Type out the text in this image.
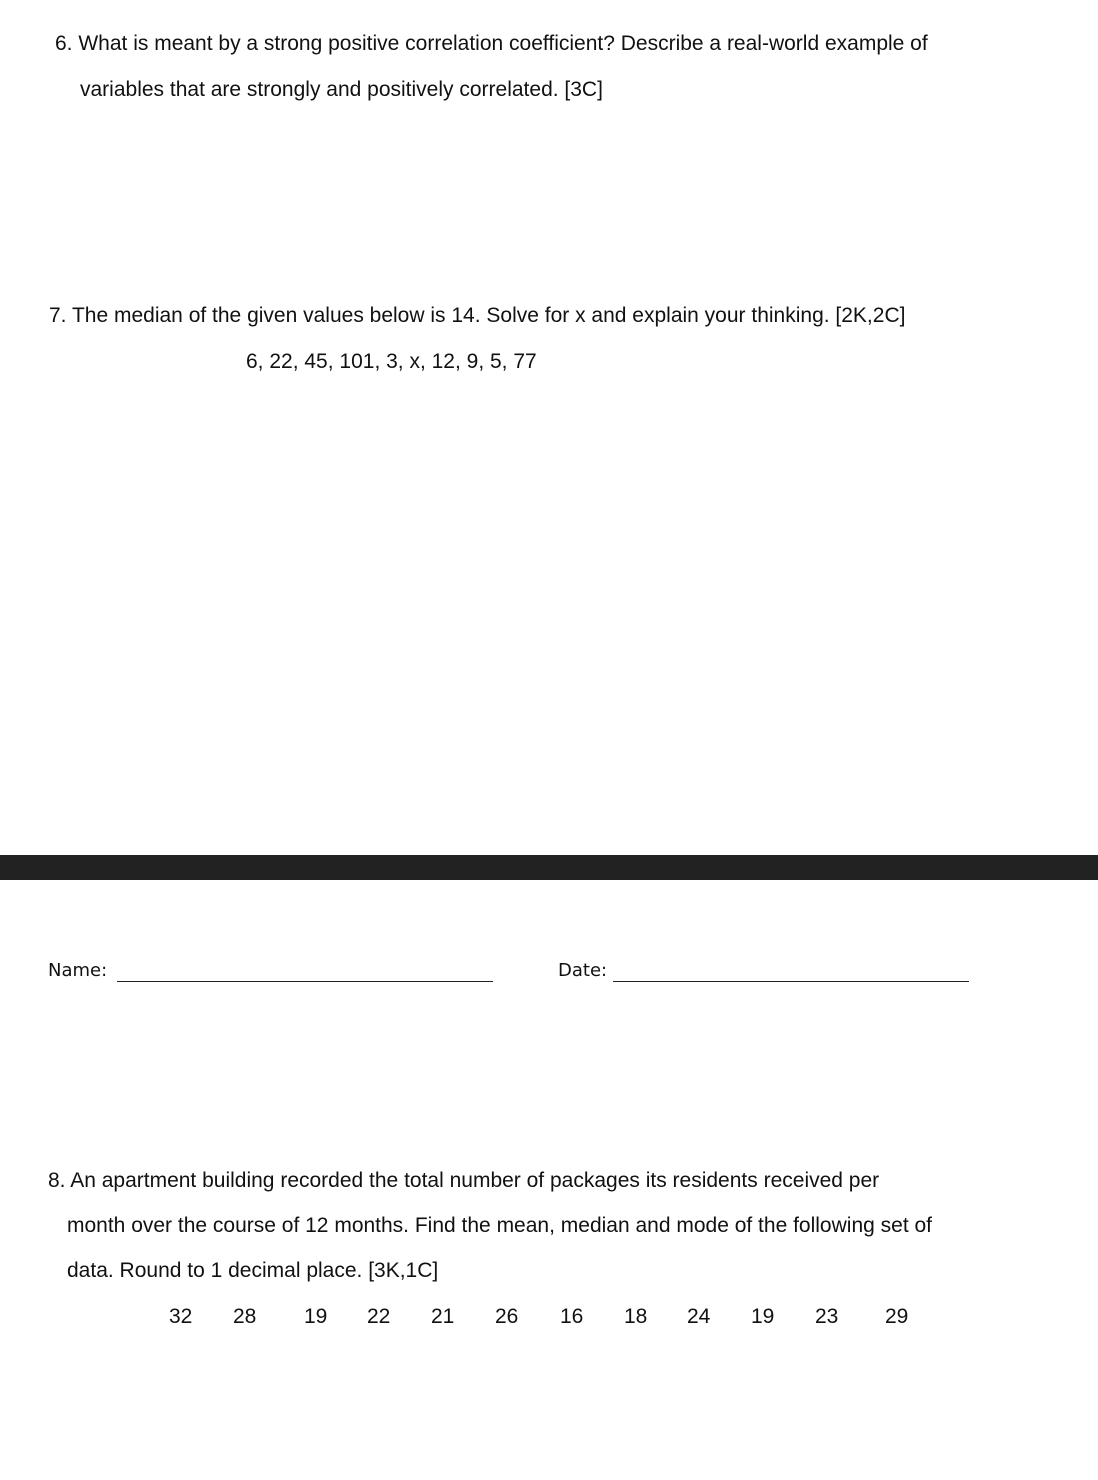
6. What is meant by a strong positive correlation coefficient? Describe a real-world example of
variables that are strongly and positively correlated. [3C]
7. The median of the given values below is 14. Solve for x and explain your thinking. [2K,2C]
6, 22, 45, 101, 3, x, 12, 9, 5, 77
Name:	Date:
8. An apartment building recorded the total number of packages its residents received per
month over the course of 12 months. Find the mean, median and mode of the following set of
data. Round to 1 decimal place. [3K,1C]
32 28 19 22 21 26 16 18 24 19 23 29
